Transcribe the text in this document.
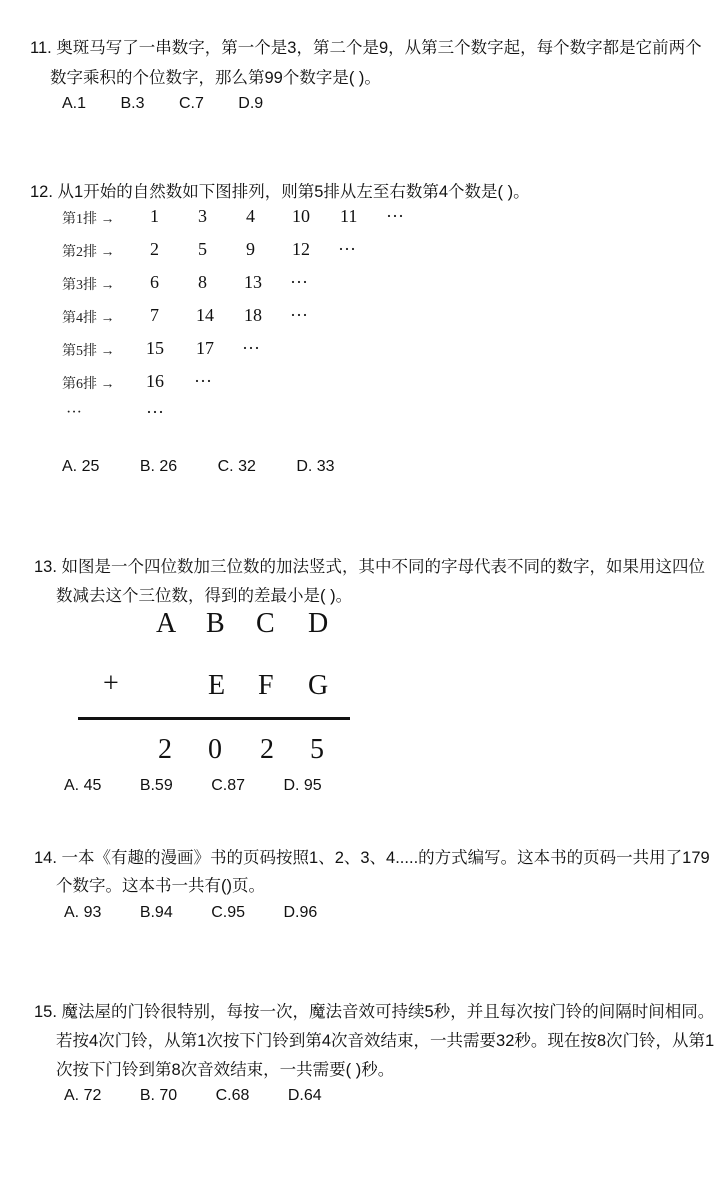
11. 奥斑马写了一串数字，第一个是3，第二个是9，从第三个数字起，每个数字都是它前两个
数字乘积的个位数字，那么第99个数字是( )。
A.1 B.3 C.7 D.9
12. 从1开始的自然数如下图排列，则第5排从左至右数第4个数是( )。
第1排 → 1 3 4 10 11 ···
第2排 → 2 5 9 12 ···
第3排 → 6 8 13 ···
第4排 → 7 14 18 ···
第5排 → 15 17 ···
第6排 → 16 ···
···	···
A. 25	B. 26	C. 32	D. 33
13. 如图是一个四位数加三位数的加法竖式，其中不同的字母代表不同的数字，如果用这四位
数减去这个三位数，得到的差最小是( )。
A B C D
+	E F G
2 0 2 5
A. 45 B.59 C.87 D. 95
14. 一本《有趣的漫画》书的页码按照1、2、3、4.....的方式编写。这本书的页码一共用了179
个数字。这本书一共有()页。
A. 93 B.94 C.95 D.96
15. 魔法屋的门铃很特别，每按一次，魔法音效可持续5秒，并且每次按门铃的间隔时间相同。
若按4次门铃，从第1次按下门铃到第4次音效结束，一共需要32秒。现在按8次门铃，从第1
次按下门铃到第8次音效结束，一共需要( )秒。
A. 72 B. 70 C.68 D.64
